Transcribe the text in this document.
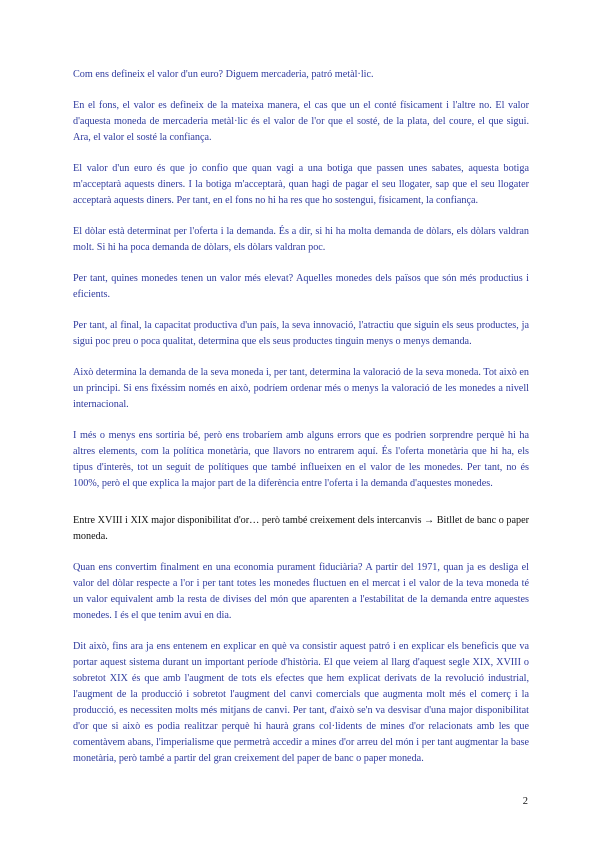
Com ens defineix el valor d'un euro? Diguem mercaderia, patró metàl·lic.

En el fons, el valor es defineix de la mateixa manera, el cas que un el conté físicament i l'altre no. El valor d'aquesta moneda de mercaderia metàl·lic és el valor de l'or que el sosté, de la plata, del coure, el que sigui. Ara, el valor el sosté la confiança.

El valor d'un euro és que jo confio que quan vagi a una botiga que passen unes sabates, aquesta botiga m'acceptarà aquests diners. I la botiga m'acceptarà, quan hagi de pagar el seu llogater, sap que el seu llogater acceptarà aquests diners. Per tant, en el fons no hi ha res que ho sostengui, físicament, la confiança.

El dòlar està determinat per l'oferta i la demanda. És a dir, si hi ha molta demanda de dòlars, els dòlars valdran molt. Si hi ha poca demanda de dòlars, els dòlars valdran poc.

Per tant, quines monedes tenen un valor més elevat? Aquelles monedes dels països que són més productius i eficients.

Per tant, al final, la capacitat productiva d'un país, la seva innovació, l'atractiu que siguin els seus productes, ja sigui poc preu o poca qualitat, determina que els seus productes tinguin menys o menys demanda.

Això determina la demanda de la seva moneda i, per tant, determina la valoració de la seva moneda. Tot això en un principi. Si ens fixéssim només en això, podríem ordenar més o menys la valoració de les monedes a nivell internacional.

I més o menys ens sortiria bé, però ens trobaríem amb alguns errors que es podrien sorprendre perquè hi ha altres elements, com la política monetària, que llavors no entrarem aquí. És l'oferta monetària que hi ha, els tipus d'interès, tot un seguit de polítiques que també influeixen en el valor de les monedes. Per tant, no és 100%, però el que explica la major part de la diferència entre l'oferta i la demanda d'aquestes monedes.

Entre XVIII i XIX major disponibilitat d'or… però també creixement dels intercanvis → Bitllet de banc o paper moneda.

Quan ens convertim finalment en una economia purament fiduciària? A partir del 1971, quan ja es desliga el valor del dòlar respecte a l'or i per tant totes les monedes fluctuen en el mercat i el valor de la teva moneda té un valor equivalent amb la resta de divises del món que aparenten a l'estabilitat de la demanda entre aquestes monedes. I és el que tenim avui en dia.

Dit això, fins ara ja ens entenem en explicar en què va consistir aquest patró i en explicar els beneficis que va portar aquest sistema durant un important període d'història. El que veiem al llarg d'aquest segle XIX, XVIII o sobretot XIX és que amb l'augment de tots els efectes que hem explicat derivats de la revolució industrial, l'augment de la producció i sobretot l'augment del canvi comercials que augmenta molt més el comerç i la producció, es necessiten molts més mitjans de canvi. Per tant, d'això se'n va desvisar d'una major disponibilitat d'or que si això es podia realitzar perquè hi haurà grans col·lidents de mines d'or relacionats amb les que comentàvem abans, l'imperialisme que permetrà accedir a mines d'or arreu del món i per tant augmentar la base monetària, però també a partir del gran creixement del paper de banc o paper moneda.

2
